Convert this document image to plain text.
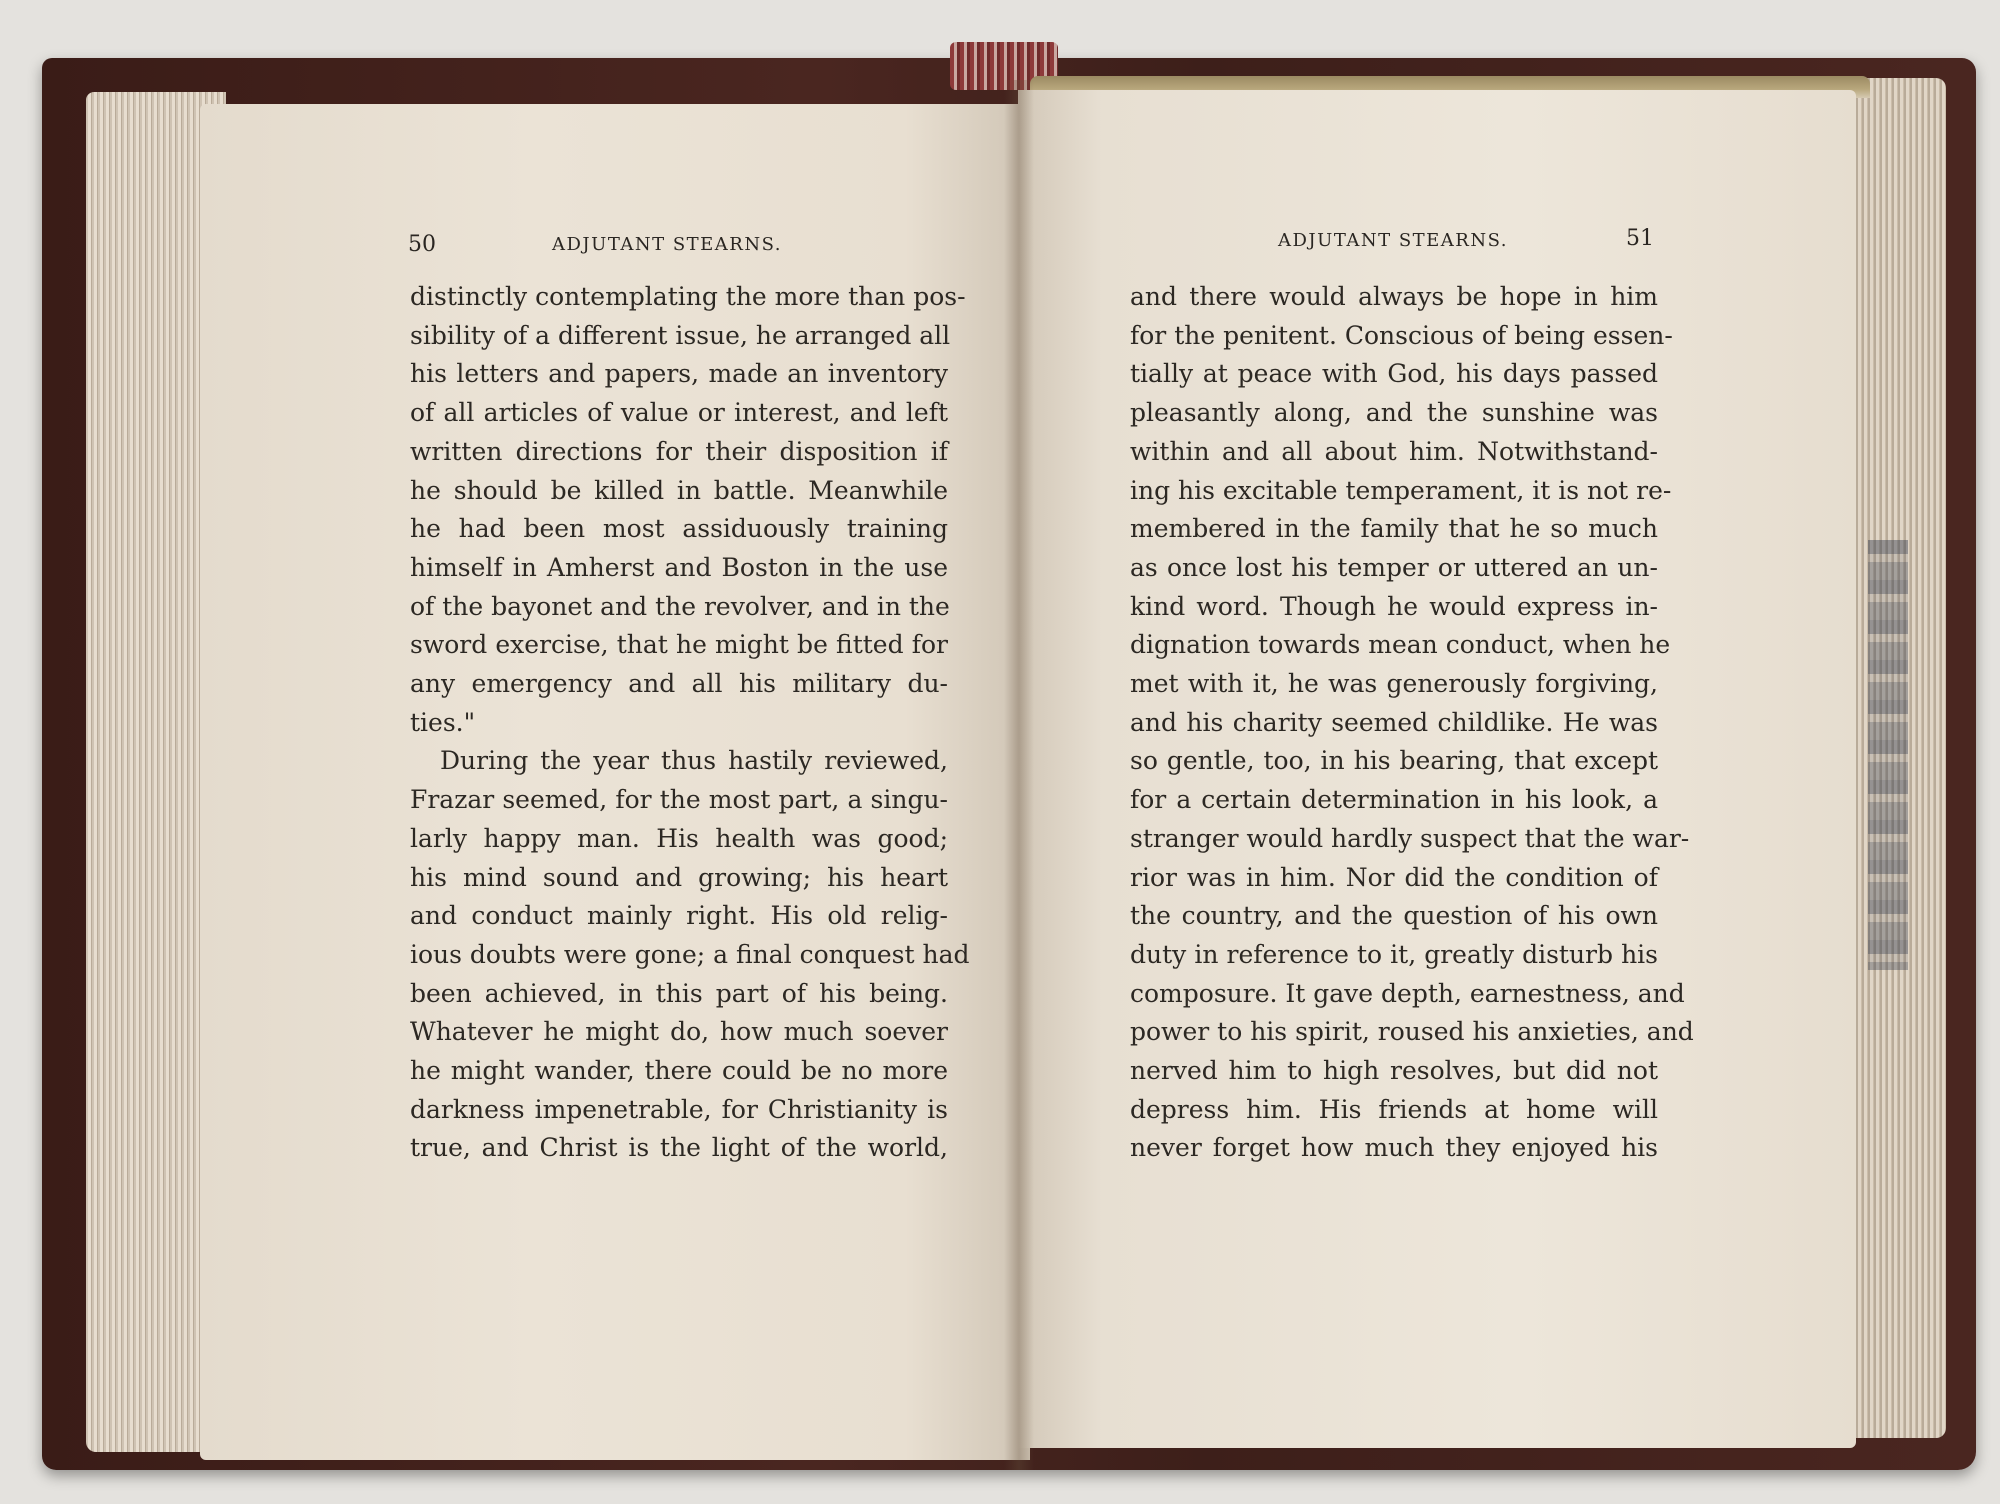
50	ADJUTANT STEARNS.	ADJUTANT STEARNS.	51
distinctly contemplating the more than pos-
sibility of a different issue, he arranged all
his letters and papers, made an inventory
of all articles of value or interest, and left
written directions for their disposition if
he should be killed in battle. Meanwhile
he had been most assiduously training
himself in Amherst and Boston in the use
of the bayonet and the revolver, and in the
sword exercise, that he might be fitted for
any emergency and all his military du-
ties."
During the year thus hastily reviewed,
Frazar seemed, for the most part, a singu-
larly happy man. His health was good;
his mind sound and growing; his heart
and conduct mainly right. His old relig-
ious doubts were gone; a final conquest had
been achieved, in this part of his being.
Whatever he might do, how much soever
he might wander, there could be no more
darkness impenetrable, for Christianity is
true, and Christ is the light of the world,
and there would always be hope in him
for the penitent. Conscious of being essen-
tially at peace with God, his days passed
pleasantly along, and the sunshine was
within and all about him. Notwithstand-
ing his excitable temperament, it is not re-
membered in the family that he so much
as once lost his temper or uttered an un-
kind word. Though he would express in-
dignation towards mean conduct, when he
met with it, he was generously forgiving,
and his charity seemed childlike. He was
so gentle, too, in his bearing, that except
for a certain determination in his look, a
stranger would hardly suspect that the war-
rior was in him. Nor did the condition of
the country, and the question of his own
duty in reference to it, greatly disturb his
composure. It gave depth, earnestness, and
power to his spirit, roused his anxieties, and
nerved him to high resolves, but did not
depress him. His friends at home will
never forget how much they enjoyed his
